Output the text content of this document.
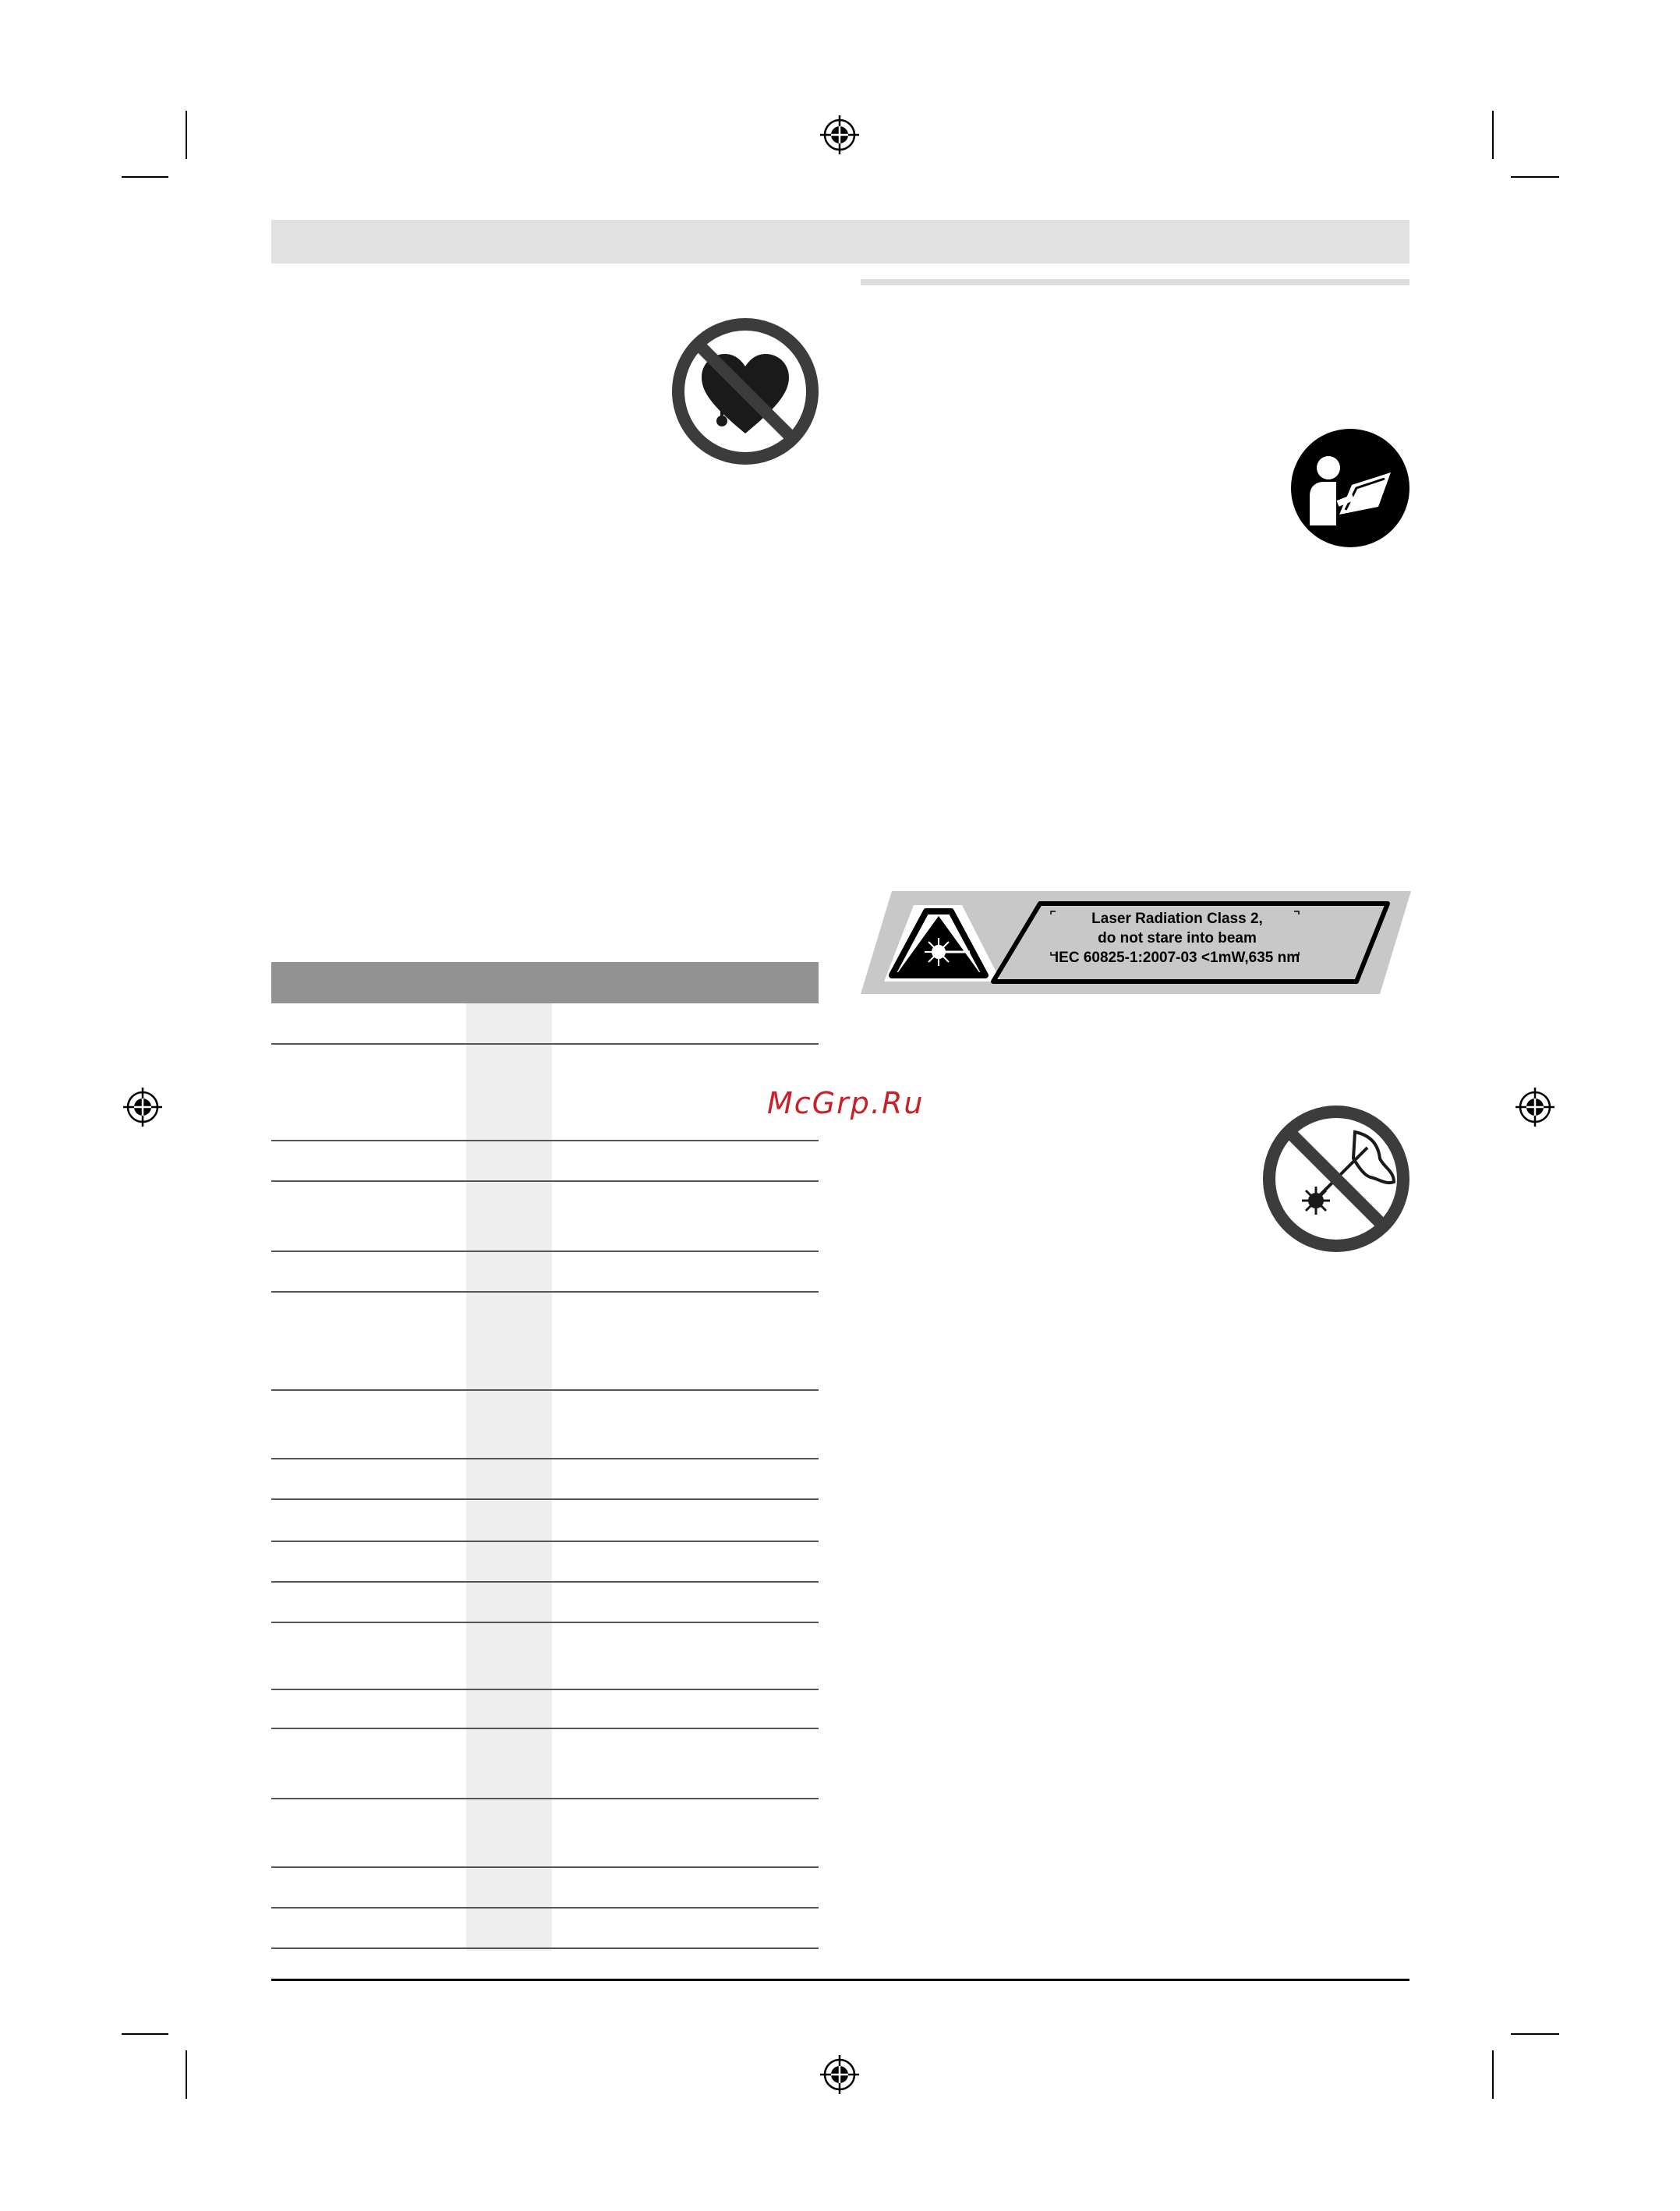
Laser Radiation Class 2,
do not stare into beam
IEC 60825-1:2007-03 <1mW,635 nm
McGrp.Ru
